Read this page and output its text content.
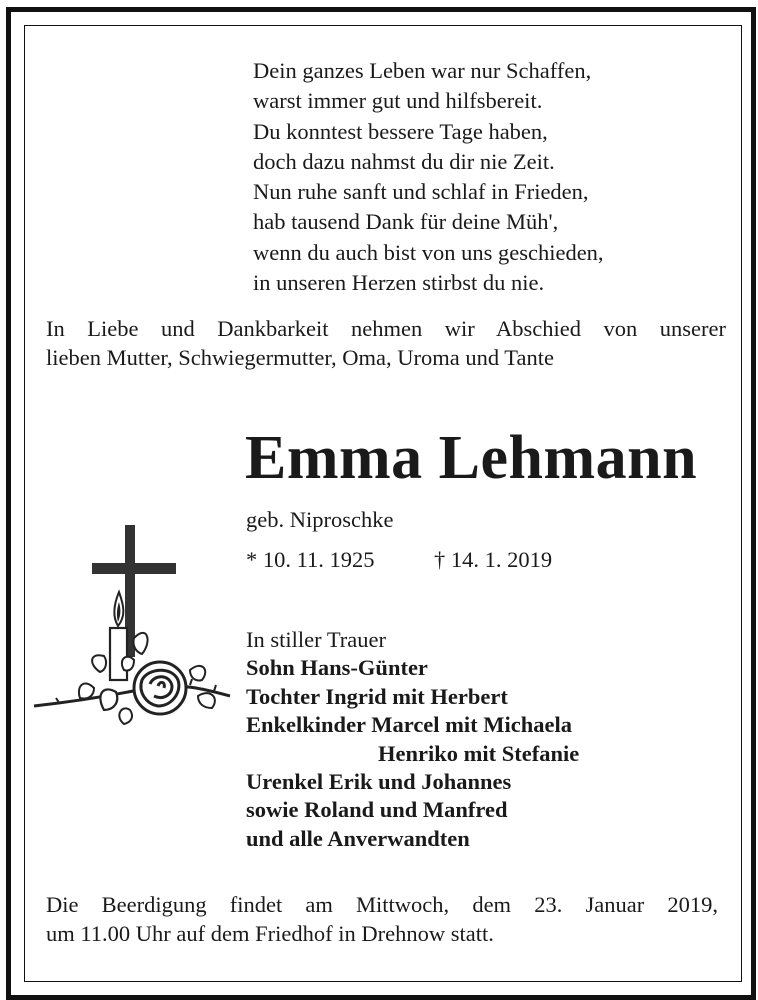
Dein ganzes Leben war nur Schaffen,
warst immer gut und hilfsbereit.
Du konntest bessere Tage haben,
doch dazu nahmst du dir nie Zeit.
Nun ruhe sanft und schlaf in Frieden,
hab tausend Dank für deine Müh',
wenn du auch bist von uns geschieden,
in unseren Herzen stirbst du nie.
In Liebe und Dankbarkeit nehmen wir Abschied von unserer
lieben Mutter, Schwiegermutter, Oma, Uroma und Tante
Emma Lehmann
geb. Niproschke
* 10. 11. 1925	† 14. 1. 2019
In stiller Trauer
Sohn Hans-Günter
Tochter Ingrid mit Herbert
Enkelkinder Marcel mit Michaela
Henriko mit Stefanie
Urenkel Erik und Johannes
sowie Roland und Manfred
und alle Anverwandten
Die Beerdigung findet am Mittwoch, dem 23. Januar 2019,
um 11.00 Uhr auf dem Friedhof in Drehnow statt.
